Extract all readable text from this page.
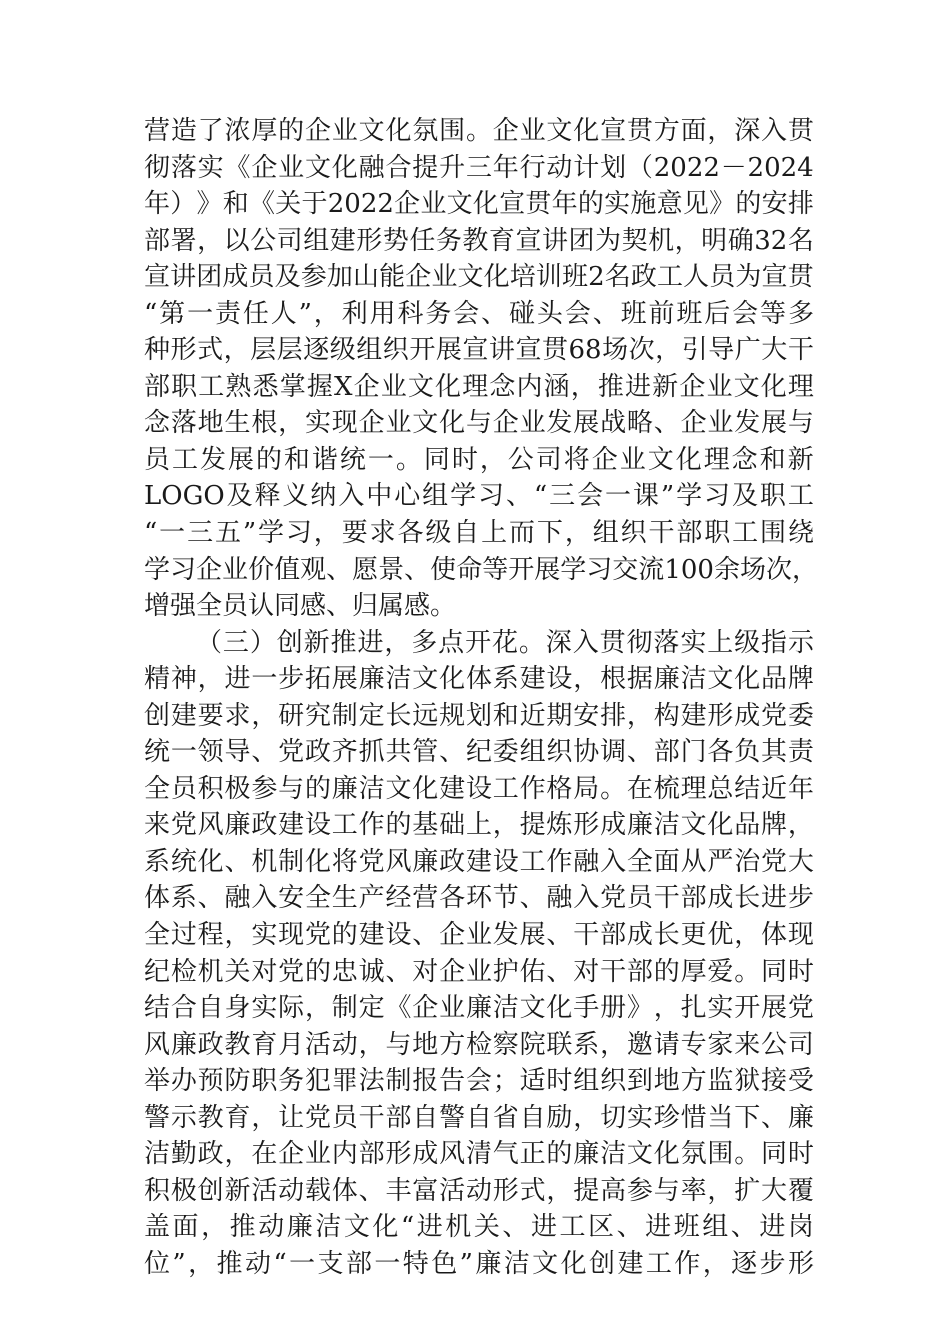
营 造 了 浓 厚 的 企 业 文 化 氛 围 。 企 业 文 化 宣 贯 方 面 ， 深 入 贯
彻 落 实 《 企 业 文 化 融 合 提 升 三 年 行 动 计 划 （ 2022 － 2024
年 ） 》 和 《 关 于 2022 企 业 文 化 宣 贯 年 的 实 施 意 见 》 的 安 排
部 署 ， 以 公 司 组 建 形 势 任 务 教 育 宣 讲 团 为 契 机 ， 明 确 32 名
宣 讲 团 成 员 及 参 加 山 能 企 业 文 化 培 训 班 2 名 政 工 人 员 为 宣 贯
“ 第 一 责 任 人 ” ， 利 用 科 务 会 、 碰 头 会 、 班 前 班 后 会 等 多
种 形 式 ， 层 层 逐 级 组 织 开 展 宣 讲 宣 贯 68 场 次 ， 引 导 广 大 干
部 职 工 熟 悉 掌 握 X 企 业 文 化 理 念 内 涵 ， 推 进 新 企 业 文 化 理
念 落 地 生 根 ， 实 现 企 业 文 化 与 企 业 发 展 战 略 、 企 业 发 展 与
员 工 发 展 的 和 谐 统 一 。 同 时 ， 公 司 将 企 业 文 化 理 念 和 新
LOGO 及 释 义 纳 入 中 心 组 学 习 、 “ 三 会 一 课 ” 学 习 及 职 工
“ 一 三 五 ” 学 习 ， 要 求 各 级 自 上 而 下 ， 组 织 干 部 职 工 围 绕
学 习 企 业 价 值 观 、 愿 景 、 使 命 等 开 展 学 习 交 流 100 余 场 次 ，
增强全员认同感、归属感。
（ 三 ） 创 新 推 进 ， 多 点 开 花 。 深 入 贯 彻 落 实 上 级 指 示
精 神 ， 进 一 步 拓 展 廉 洁 文 化 体 系 建 设 ， 根 据 廉 洁 文 化 品 牌
创 建 要 求 ， 研 究 制 定 长 远 规 划 和 近 期 安 排 ， 构 建 形 成 党 委
统 一 领 导 、 党 政 齐 抓 共 管 、 纪 委 组 织 协 调 、 部 门 各 负 其 责
全 员 积 极 参 与 的 廉 洁 文 化 建 设 工 作 格 局 。 在 梳 理 总 结 近 年
来 党 风 廉 政 建 设 工 作 的 基 础 上 ， 提 炼 形 成 廉 洁 文 化 品 牌 ，
系 统 化 、 机 制 化 将 党 风 廉 政 建 设 工 作 融 入 全 面 从 严 治 党 大
体 系 、 融 入 安 全 生 产 经 营 各 环 节 、 融 入 党 员 干 部 成 长 进 步
全 过 程 ， 实 现 党 的 建 设 、 企 业 发 展 、 干 部 成 长 更 优 ， 体 现
纪 检 机 关 对 党 的 忠 诚 、 对 企 业 护 佑 、 对 干 部 的 厚 爱 。 同 时
结 合 自 身 实 际 ， 制 定 《 企 业 廉 洁 文 化 手 册 》 ， 扎 实 开 展 党
风 廉 政 教 育 月 活 动 ， 与 地 方 检 察 院 联 系 ， 邀 请 专 家 来 公 司
举 办 预 防 职 务 犯 罪 法 制 报 告 会 ； 适 时 组 织 到 地 方 监 狱 接 受
警 示 教 育 ， 让 党 员 干 部 自 警 自 省 自 励 ， 切 实 珍 惜 当 下 、 廉
洁 勤 政 ， 在 企 业 内 部 形 成 风 清 气 正 的 廉 洁 文 化 氛 围 。 同 时
积 极 创 新 活 动 载 体 、 丰 富 活 动 形 式 ， 提 高 参 与 率 ， 扩 大 覆
盖 面 ， 推 动 廉 洁 文 化 “ 进 机 关 、 进 工 区 、 进 班 组 、 进 岗
位 ” ， 推 动 “ 一 支 部 一 特 色 ” 廉 洁 文 化 创 建 工 作 ， 逐 步 形
